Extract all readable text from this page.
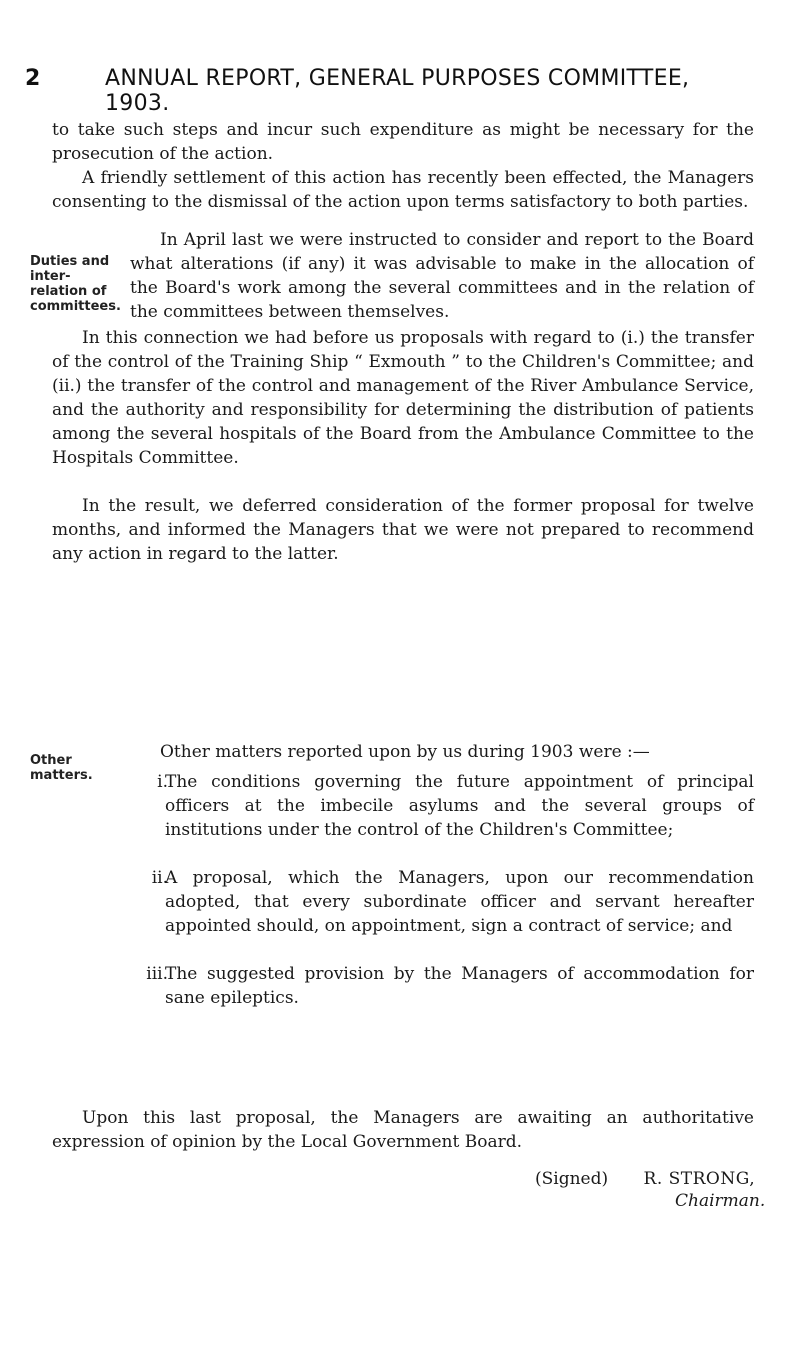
2	ANNUAL REPORT, GENERAL PURPOSES COMMITTEE, 1903.

to take such steps and incur such expenditure as might be necessary for the prosecution of the action.

A friendly settlement of this action has recently been effected, the Managers consenting to the dismissal of the action upon terms satisfactory to both parties.

Duties and
inter-
relation of
committees.

In April last we were instructed to consider and report to the Board what alterations (if any) it was advisable to make in the allocation of the Board's work among the several committees and in the relation of the committees between themselves.

In this connection we had before us proposals with regard to (i.) the transfer of the control of the Training Ship “ Exmouth ” to the Children's Committee; and (ii.) the transfer of the control and management of the River Ambulance Service, and the authority and responsibility for determining the distribution of patients among the several hospitals of the Board from the Ambulance Committee to the Hospitals Committee.

In the result, we deferred consideration of the former proposal for twelve months, and informed the Managers that we were not prepared to recommend any action in regard to the latter.

Other
matters.

Other matters reported upon by us during 1903 were :—

i.
The conditions governing the future appointment of principal officers at the imbecile asylums and the several groups of institutions under the control of the Children's Committee;
ii.
A proposal, which the Managers, upon our recommendation adopted, that every subordinate officer and servant hereafter appointed should, on appointment, sign a contract of service; and
iii.
The suggested provision by the Managers of accommodation for sane epileptics.

Upon this last proposal, the Managers are awaiting an authoritative expression of opinion by the Local Government Board.

(Signed) R. STRONG,
Chairman.
